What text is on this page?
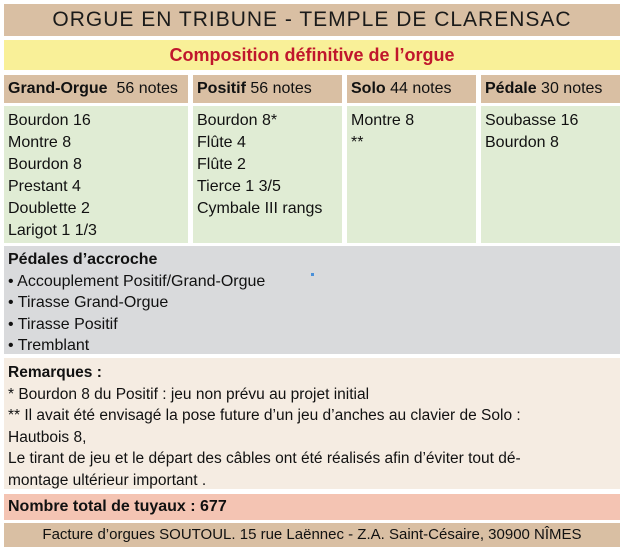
ORGUE EN TRIBUNE - TEMPLE DE CLARENSAC
Composition définitive de l’orgue
Grand-Orgue 56 notes
Bourdon 16
Montre 8
Bourdon 8
Prestant 4
Doublette 2
Larigot 1 1/3
Positif 56 notes
Bourdon 8*
Flûte 4
Flûte 2
Tierce 1 3/5
Cymbale III rangs
Solo 44 notes
Montre 8
**
Pédale 30 notes
Soubasse 16
Bourdon 8
Pédales d’accroche
• Accouplement Positif/Grand-Orgue
• Tirasse Grand-Orgue
• Tirasse Positif
• Tremblant
Remarques :
* Bourdon 8 du Positif : jeu non prévu au projet initial
** Il avait été envisagé la pose future d’un jeu d’anches au clavier de Solo :
Hautbois 8,
Le tirant de jeu et le départ des câbles ont été réalisés afin d’éviter tout dé-
montage ultérieur important .
Nombre total de tuyaux : 677
Facture d’orgues SOUTOUL. 15 rue Laënnec - Z.A. Saint-Césaire, 30900 NÎMES
